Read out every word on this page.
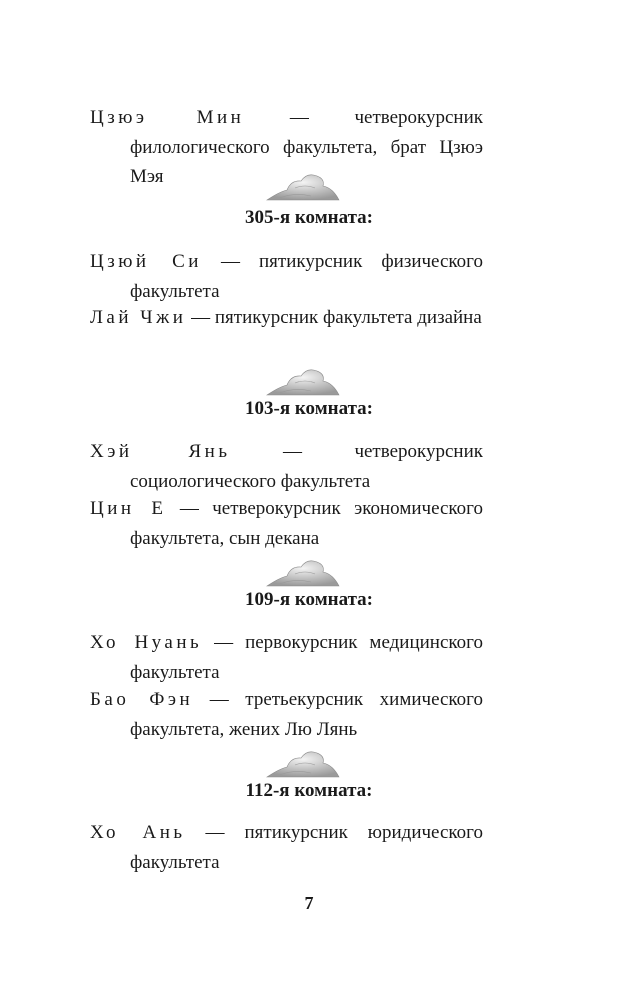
Цзюэ Мин — четверокурсник филологического факультета, брат Цзюэ Мэя
305-я комната:
Цзюй Си — пятикурсник физического факультета
Лай Чжи — пятикурсник факультета дизайна
103-я комната:
Хэй Янь — четверокурсник социологического факультета
Цин Е — четверокурсник экономического факультета, сын декана
109-я комната:
Хо Нуань — первокурсник медицинского факультета
Бао Фэн — третьекурсник химического факультета, жених Лю Лянь
112-я комната:
Хо Ань — пятикурсник юридического факультета
7
